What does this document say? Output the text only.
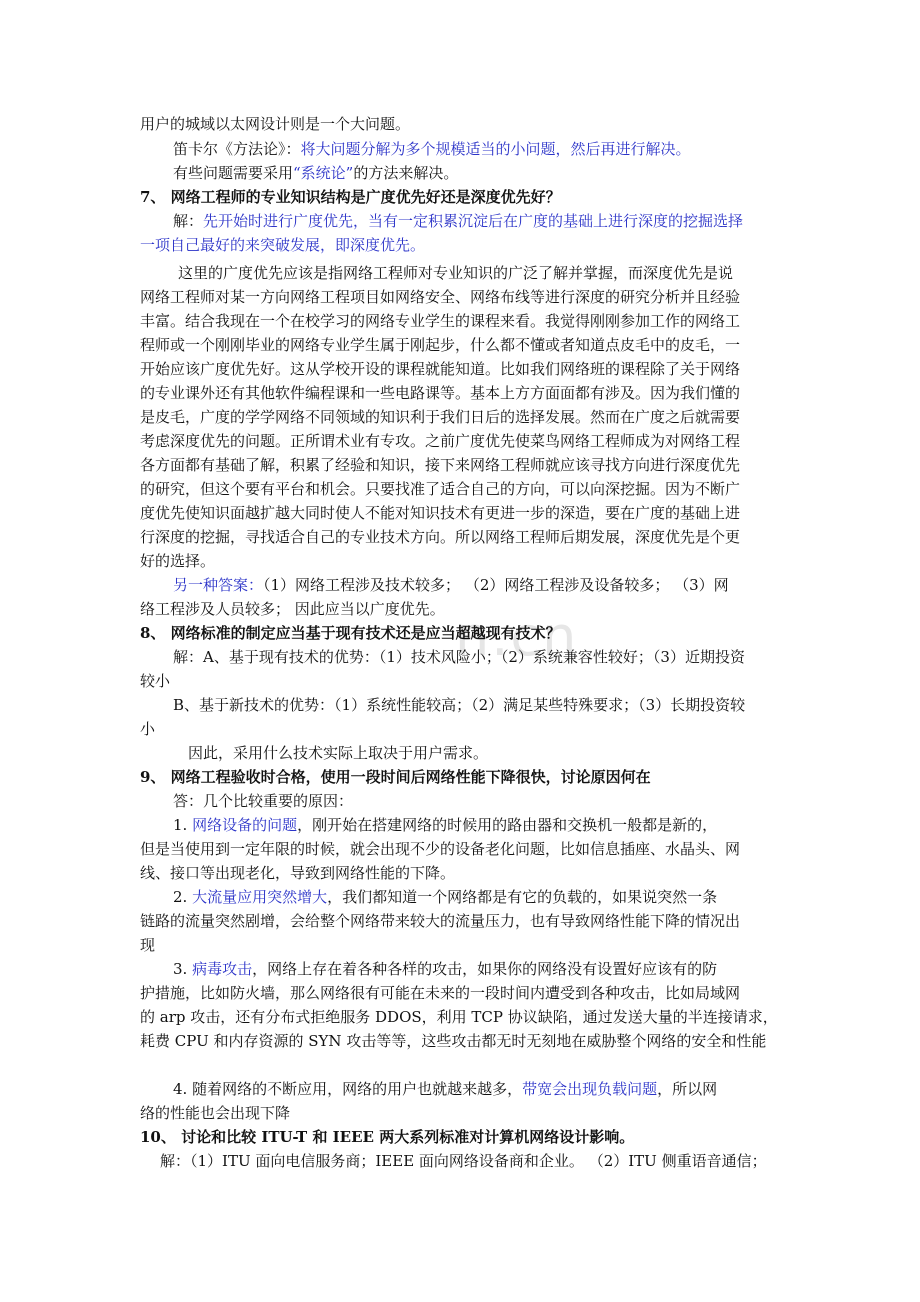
n.cn
用户的城域以太网设计则是一个大问题。
笛卡尔《方法论》：将大问题分解为多个规模适当的小问题，然后再进行解决。
有些问题需要采用“系统论”的方法来解决。
7、 网络工程师的专业知识结构是广度优先好还是深度优先好？
解：先开始时进行广度优先，当有一定积累沉淀后在广度的基础上进行深度的挖掘选择
一项自己最好的来突破发展，即深度优先。
这里的广度优先应该是指网络工程师对专业知识的广泛了解并掌握，而深度优先是说
网络工程师对某一方向网络工程项目如网络安全、网络布线等进行深度的研究分析并且经验
丰富。结合我现在一个在校学习的网络专业学生的课程来看。我觉得刚刚参加工作的网络工
程师或一个刚刚毕业的网络专业学生属于刚起步，什么都不懂或者知道点皮毛中的皮毛，一
开始应该广度优先好。这从学校开设的课程就能知道。比如我们网络班的课程除了关于网络
的专业课外还有其他软件编程课和一些电路课等。基本上方方面面都有涉及。因为我们懂的
是皮毛，广度的学学网络不同领域的知识利于我们日后的选择发展。然而在广度之后就需要
考虑深度优先的问题。正所谓术业有专攻。之前广度优先使菜鸟网络工程师成为对网络工程
各方面都有基础了解，积累了经验和知识，接下来网络工程师就应该寻找方向进行深度优先
的研究，但这个要有平台和机会。只要找准了适合自己的方向，可以向深挖掘。因为不断广
度优先使知识面越扩越大同时使人不能对知识技术有更进一步的深造，要在广度的基础上进
行深度的挖掘，寻找适合自己的专业技术方向。所以网络工程师后期发展，深度优先是个更
好的选择。
另一种答案：（1）网络工程涉及技术较多； （2）网络工程涉及设备较多； （3）网
络工程涉及人员较多； 因此应当以广度优先。
8、 网络标准的制定应当基于现有技术还是应当超越现有技术？
解：A、基于现有技术的优势：（1）技术风险小；（2）系统兼容性较好；（3）近期投资
较小
B、基于新技术的优势：（1）系统性能较高；（2）满足某些特殊要求；（3）长期投资较
小
因此，采用什么技术实际上取决于用户需求。
9、 网络工程验收时合格，使用一段时间后网络性能下降很快，讨论原因何在
答：几个比较重要的原因：
1. 网络设备的问题，刚开始在搭建网络的时候用的路由器和交换机一般都是新的，
但是当使用到一定年限的时候，就会出现不少的设备老化问题，比如信息插座、水晶头、网
线、接口等出现老化，导致到网络性能的下降。
2. 大流量应用突然增大，我们都知道一个网络都是有它的负载的，如果说突然一条
链路的流量突然剧增，会给整个网络带来较大的流量压力，也有导致网络性能下降的情况出
现
3. 病毒攻击，网络上存在着各种各样的攻击，如果你的网络没有设置好应该有的防
护措施，比如防火墙，那么网络很有可能在未来的一段时间内遭受到各种攻击，比如局域网
的 arp 攻击，还有分布式拒绝服务 DDOS，利用 TCP 协议缺陷，通过发送大量的半连接请求，
耗费 CPU 和内存资源的 SYN 攻击等等，这些攻击都无时无刻地在威胁整个网络的安全和性能
4. 随着网络的不断应用，网络的用户也就越来越多，带宽会出现负载问题，所以网
络的性能也会出现下降
10、 讨论和比较 ITU-T 和 IEEE 两大系列标准对计算机网络设计影响。
解：（1）ITU 面向电信服务商；IEEE 面向网络设备商和企业。 （2）ITU 侧重语音通信；
